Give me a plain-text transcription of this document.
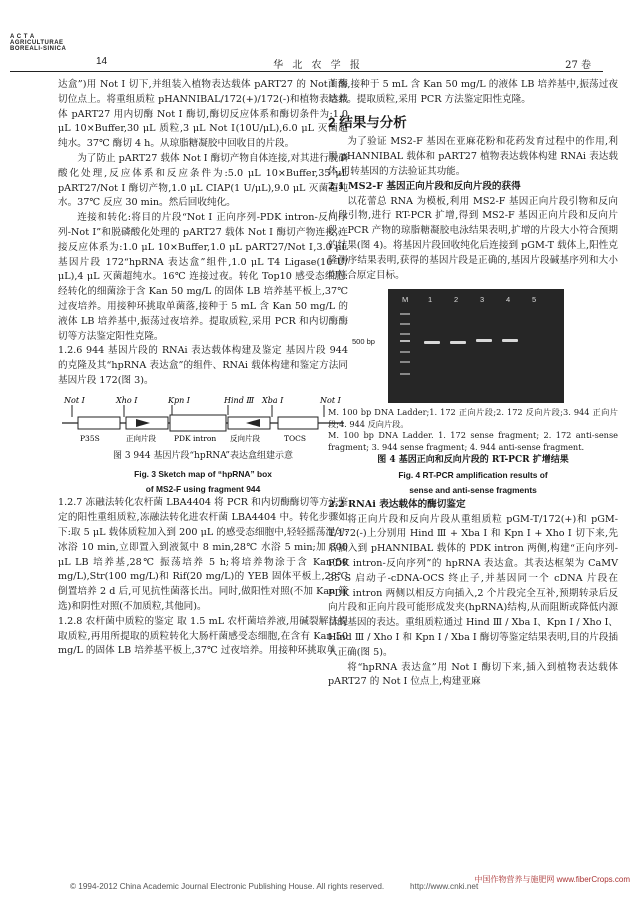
A C T A
AGRICULTURAE
BOREALI-SINICA
14	华 北 农 学 报	27 卷

达盒”)用 Not Ⅰ 切下,并组装入植物表达载体 pART27 的 Not Ⅰ 酶切位点上。将重组质粒 pHANNIBAL/172(+)/172(-)和植物表达载体 pART27 用内切酶 Not Ⅰ 酶切,酶切反应体系和酶切条件为:1.0 μL 10×Buffer,30 μL 质粒,3 μL Not Ⅰ(10U/μL),6.0 μL 灭菌超纯水。37℃ 酶切 4 h。从琼脂糖凝胶中回收目的片段。

为了防止 pART27 载体 Not Ⅰ 酶切产物自体连接,对其进行脱磷酸化处理,反应体系和反应条件为:5.0 μL 10×Buffer,35 μL pART27/Not Ⅰ 酶切产物,1.0 μL CIAP(1 U/μL),9.0 μL 灭菌超纯水。37℃ 反应 30 min。然后回收纯化。

连接和转化:将目的片段“Not Ⅰ 正向序列-PDK intron-反向序列-Not Ⅰ”和脱磷酸化处理的 pART27 载体 Not Ⅰ 酶切产物连接,连接反应体系为:1.0 μL 10×Buffer,1.0 μL pART27/Not Ⅰ,3.0 μL 基因片段 172“hpRNA 表达盒”组件,1.0 μL T4 Ligase(10 U/μL),4 μL 灭菌超纯水。16℃ 连接过夜。转化 Top10 感受态细胞:经转化的细菌涂于含 Kan 50 mg/L 的固体 LB 培养基平板上,37℃ 过夜培养。用接种环挑取单菌落,接种于 5 mL 含 Kan 50 mg/L 的液体 LB 培养基中,振荡过夜培养。提取质粒,采用 PCR 和内切酶酶切等方法鉴定阳性克隆。

1.2.6 944 基因片段的 RNAi 表达载体构建及鉴定 基因片段 944 的克隆及其“hpRNA 表达盒”的组件、RNAi 载体构建和鉴定方法同基因片段 172(图 3)。

Not Ⅰ	Xho Ⅰ	Kpn Ⅰ	Hind Ⅲ Xba Ⅰ	Not Ⅰ
P35S	正向片段 PDK intron 反向片段	TOCS

图 3 944 基因片段“hpRNA”表达盒组建示意

Fig. 3 Sketch map of “hpRNA” box

of MS2-F using fragment 944

1.2.7 冻融法转化农杆菌 LBA4404 将 PCR 和内切酶酶切等方法鉴定的阳性重组质粒,冻融法转化进农杆菌 LBA4404 中。转化步骤如下:取 5 μL 载体质粒加入到 200 μL 的感受态细胞中,轻轻摇荡混匀:冰浴 10 min,立即置入到液氮中 8 min,28℃ 水浴 5 min;加 800 μL LB 培养基,28℃ 振荡培养 5 h;将培养物涂于含 Kan(50 mg/L),Str(100 mg/L)和 Rif(20 mg/L)的 YEB 固体平板上,28℃ 倒置培养 2 d 后,可见抗性菌落长出。同时,做阳性对照(不加 Kan 筛选)和阴性对照(不加质粒,其他同)。

1.2.8 农杆菌中质粒的鉴定 取 1.5 mL 农杆菌培养液,用碱裂解法提取质粒,再用所提取的质粒转化大肠杆菌感受态细胞,在含有 Kan 50 mg/L 的固体 LB 培养基平板上,37℃ 过夜培养。用接种环挑取单

菌落,接种于 5 mL 含 Kan 50 mg/L 的液体 LB 培养基中,振荡过夜培养。提取质粒,采用 PCR 方法鉴定阳性克隆。

2 结果与分析

为了验证 MS2-F 基因在亚麻花粉和花药发育过程中的作用,利用 pHANNIBAL 载体和 pART27 植物表达载体构建 RNAi 表达载体,用转基因的方法验证其功能。

2.1 MS2-F 基因正向片段和反向片段的获得

以花蕾总 RNA 为模板,利用 MS2-F 基因正向片段引物和反向片段引物,进行 RT-PCR 扩增,得到 MS2-F 基因正向片段和反向片段。PCR 产物的琼脂糖凝胶电泳结果表明,扩增的片段大小符合预期的结果(图 4)。将基因片段回收纯化后连接到 pGM-T 载体上,阳性克隆测序结果表明,获得的基因片段是正确的,基因片段碱基序列和大小均符合原定目标。

500 bp
M	1	2	3	4	5

M. 100 bp DNA Ladder;1. 172 正向片段;2. 172 反向片段;3. 944 正向片段;4. 944 反向片段。

M. 100 bp DNA Ladder. 1. 172 sense fragment; 2. 172 anti-sense fragment; 3. 944 sense fragment; 4. 944 anti-sense fragment.

图 4 基因正向和反向片段的 RT-PCR 扩增结果

Fig. 4 RT-PCR amplification results of

sense and anti-sense fragments

2.2 RNAi 表达载体的酶切鉴定

将正向片段和反向片段从重组质粒 pGM-T/172(+)和 pGM-T/172(-)上分别用 Hind Ⅲ + Xba Ⅰ 和 Kpn Ⅰ + Xho Ⅰ 切下来,先后插入到 pHANNIBAL 载体的 PDK intron 两侧,构建“正向序列-PDK intron-反向序列”的 hpRNA 表达盒。其表达框架为 CaMV 35 S 启动子-cDNA-OCS 终止子,并基因同一个 cDNA 片段在 PDK intron 两侧以相反方向插入,2 个片段完全互补,预期转录后反向片段和正向片段可能形成发夹(hpRNA)结构,从而阻断或降低内源目的基因的表达。重组质粒通过 Hind Ⅲ / Xba Ⅰ、Kpn Ⅰ / Xho Ⅰ、Hind Ⅲ / Xho Ⅰ 和 Kpn Ⅰ / Xba Ⅰ 酶切等鉴定结果表明,目的片段插入正确(图 5)。

将“hpRNA 表达盒”用 Not Ⅰ 酶切下来,插入到植物表达载体 pART27 的 Not Ⅰ 位点上,构建亚麻

© 1994-2012 China Academic Journal Electronic Publishing House. All rights reserved.	http://www.cnki.net
中国作物营养与施肥网 www.fiberCrops.com
